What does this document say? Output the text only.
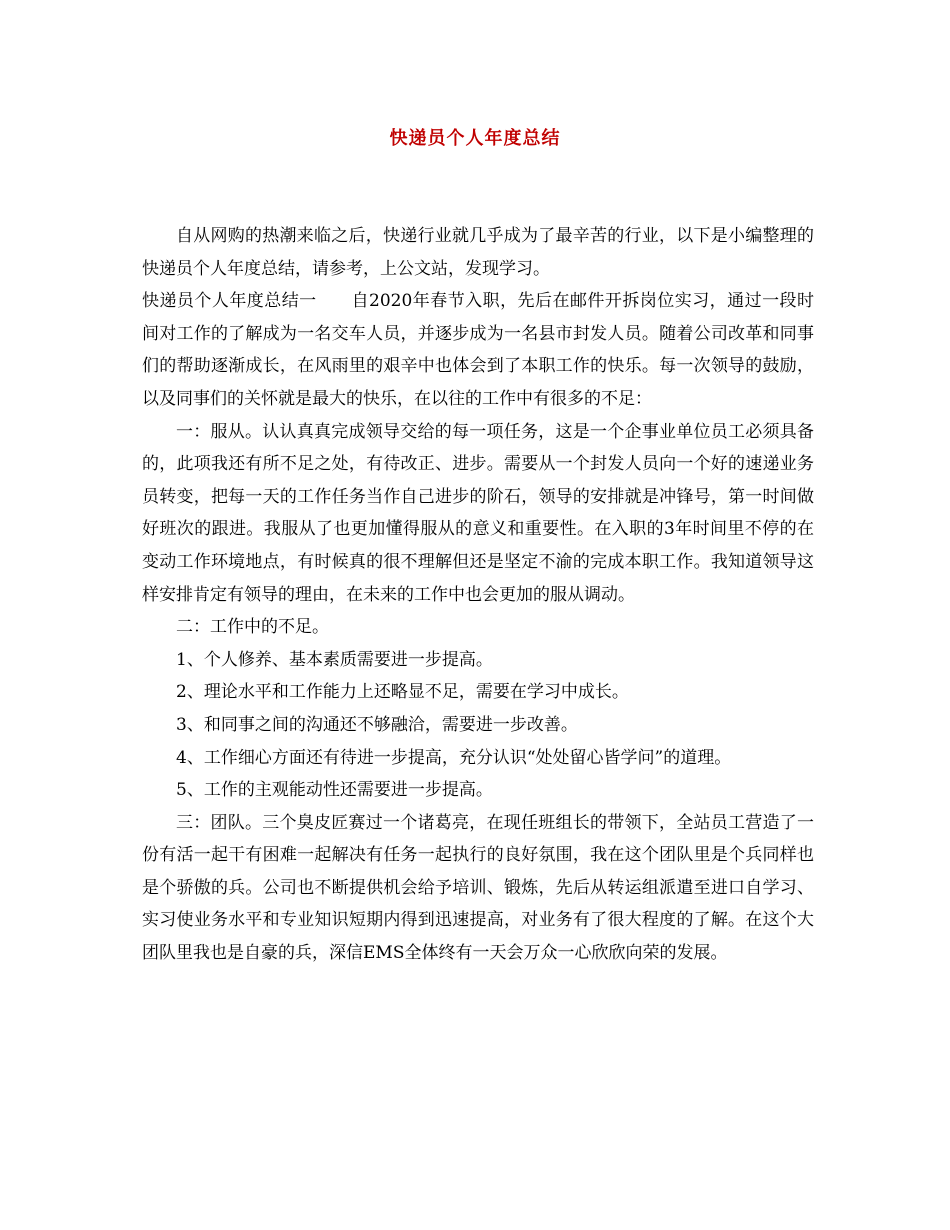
快递员个人年度总结

自从网购的热潮来临之后，快递行业就几乎成为了最辛苦的行业，以下是小编整理的快递员个人年度总结，请参考，上公文站，发现学习。

快递员个人年度总结一　　自2020年春节入职，先后在邮件开拆岗位实习，通过一段时间对工作的了解成为一名交车人员，并逐步成为一名县市封发人员。随着公司改革和同事们的帮助逐渐成长，在风雨里的艰辛中也体会到了本职工作的快乐。每一次领导的鼓励，以及同事们的关怀就是最大的快乐，在以往的工作中有很多的不足：

一：服从。认认真真完成领导交给的每一项任务，这是一个企事业单位员工必须具备的，此项我还有所不足之处，有待改正、进步。需要从一个封发人员向一个好的速递业务员转变，把每一天的工作任务当作自己进步的阶石，领导的安排就是冲锋号，第一时间做好班次的跟进。我服从了也更加懂得服从的意义和重要性。在入职的3年时间里不停的在变动工作环境地点，有时候真的很不理解但还是坚定不渝的完成本职工作。我知道领导这样安排肯定有领导的理由，在未来的工作中也会更加的服从调动。

二：工作中的不足。

1、个人修养、基本素质需要进一步提高。

2、理论水平和工作能力上还略显不足，需要在学习中成长。

3、和同事之间的沟通还不够融洽，需要进一步改善。

4、工作细心方面还有待进一步提高，充分认识“处处留心皆学问”的道理。

5、工作的主观能动性还需要进一步提高。

三：团队。三个臭皮匠赛过一个诸葛亮，在现任班组长的带领下，全站员工营造了一份有活一起干有困难一起解决有任务一起执行的良好氛围，我在这个团队里是个兵同样也是个骄傲的兵。公司也不断提供机会给予培训、锻炼，先后从转运组派遣至进口自学习、实习使业务水平和专业知识短期内得到迅速提高，对业务有了很大程度的了解。在这个大团队里我也是自豪的兵，深信EMS全体终有一天会万众一心欣欣向荣的发展。
